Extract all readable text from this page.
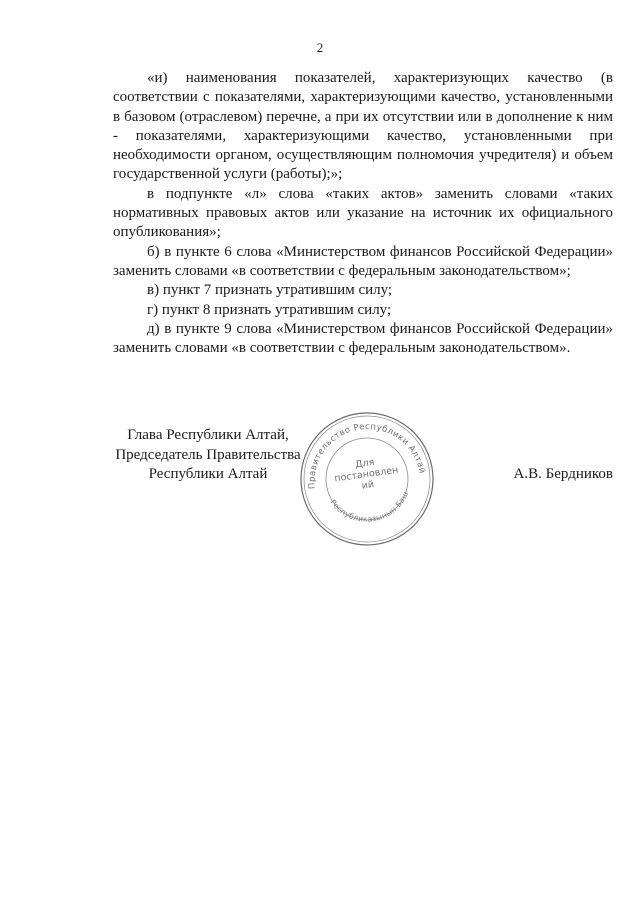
2

«и) наименования показателей, характеризующих качество (в соответствии с показателями, характеризующими качество, установленными в базовом (отраслевом) перечне, а при их отсутствии или в дополнение к ним - показателями, характеризующими качество, установленными при необходимости органом, осуществляющим полномочия учредителя) и объем государственной услуги (работы);»;

в подпункте «л» слова «таких актов» заменить словами «таких нормативных правовых актов или указание на источник их официального опубликования»;

б) в пункте 6 слова «Министерством финансов Российской Федерации» заменить словами «в соответствии с федеральным законодательством»;

в) пункт 7 признать утратившим силу;

г) пункт 8 признать утратившим силу;

д) в пункте 9 слова «Министерством финансов Российской Федерации» заменить словами «в соответствии с федеральным законодательством».

Глава Республики Алтай,
Председатель Правительства
Республики Алтай	А.В. Бердников
Правительство Республики Алтай
Республиказынын Башкарузы
Для постановлений
